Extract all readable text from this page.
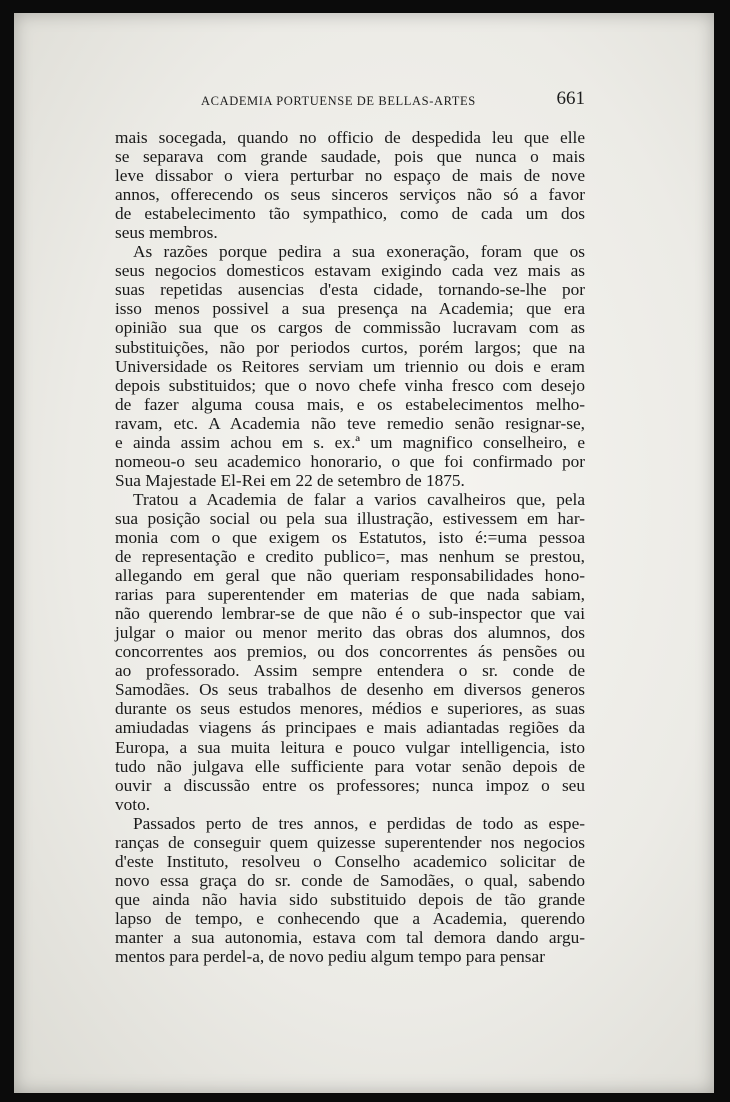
ACADEMIA PORTUENSE DE BELLAS-ARTES	661
mais socegada, quando no officio de despedida leu que elle
se separava com grande saudade, pois que nunca o mais
leve dissabor o viera perturbar no espaço de mais de nove
annos, offerecendo os seus sinceros serviços não só a favor
de estabelecimento tão sympathico, como de cada um dos
seus membros.
As razões porque pedira a sua exoneração, foram que os
seus negocios domesticos estavam exigindo cada vez mais as
suas repetidas ausencias d'esta cidade, tornando-se-lhe por
isso menos possivel a sua presença na Academia; que era
opinião sua que os cargos de commissão lucravam com as
substituições, não por periodos curtos, porém largos; que na
Universidade os Reitores serviam um triennio ou dois e eram
depois substituidos; que o novo chefe vinha fresco com desejo
de fazer alguma cousa mais, e os estabelecimentos melho-
ravam, etc. A Academia não teve remedio senão resignar-se,
e ainda assim achou em s. ex.ª um magnifico conselheiro, e
nomeou-o seu academico honorario, o que foi confirmado por
Sua Majestade El-Rei em 22 de setembro de 1875.
Tratou a Academia de falar a varios cavalheiros que, pela
sua posição social ou pela sua illustração, estivessem em har-
monia com o que exigem os Estatutos, isto é:=uma pessoa
de representação e credito publico=, mas nenhum se prestou,
allegando em geral que não queriam responsabilidades hono-
rarias para superentender em materias de que nada sabiam,
não querendo lembrar-se de que não é o sub-inspector que vai
julgar o maior ou menor merito das obras dos alumnos, dos
concorrentes aos premios, ou dos concorrentes ás pensões ou
ao professorado. Assim sempre entendera o sr. conde de
Samodães. Os seus trabalhos de desenho em diversos generos
durante os seus estudos menores, médios e superiores, as suas
amiudadas viagens ás principaes e mais adiantadas regiões da
Europa, a sua muita leitura e pouco vulgar intelligencia, isto
tudo não julgava elle sufficiente para votar senão depois de
ouvir a discussão entre os professores; nunca impoz o seu
voto.
Passados perto de tres annos, e perdidas de todo as espe-
ranças de conseguir quem quizesse superentender nos negocios
d'este Instituto, resolveu o Conselho academico solicitar de
novo essa graça do sr. conde de Samodães, o qual, sabendo
que ainda não havia sido substituido depois de tão grande
lapso de tempo, e conhecendo que a Academia, querendo
manter a sua autonomia, estava com tal demora dando argu-
mentos para perdel-a, de novo pediu algum tempo para pensar
